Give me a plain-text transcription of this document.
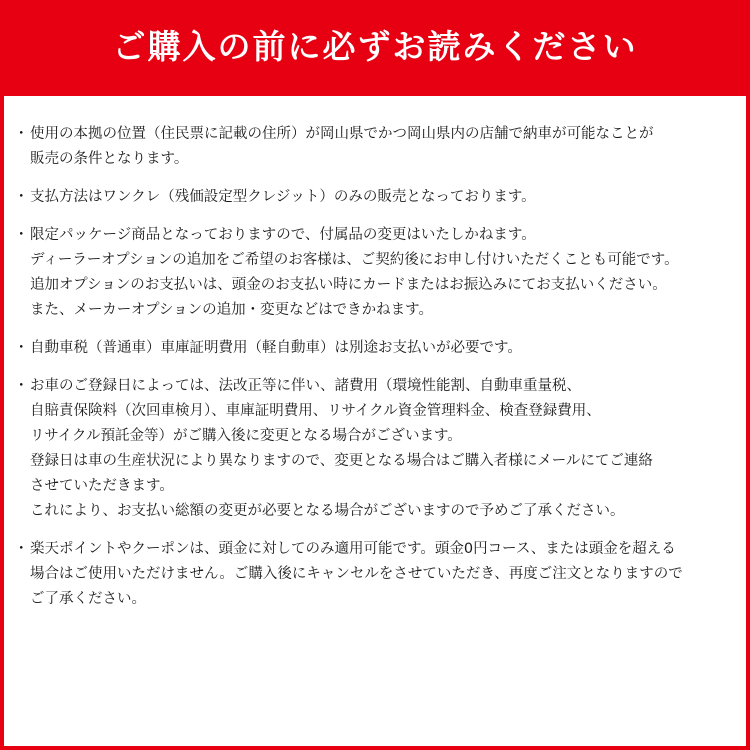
ご購入の前に必ずお読みください
・ 使用の本拠の位置（住民票に記載の住所）が岡山県でかつ岡山県内の店舗で納車が可能なことが
販売の条件となります。
・ 支払方法はワンクレ（残価設定型クレジット）のみの販売となっております。
・ 限定パッケージ商品となっておりますので、付属品の変更はいたしかねます。
ディーラーオプションの追加をご希望のお客様は、ご契約後にお申し付けいただくことも可能です。
追加オプションのお支払いは、頭金のお支払い時にカードまたはお振込みにてお支払いください。
また、メーカーオプションの追加・変更などはできかねます。
・ 自動車税（普通車）車庫証明費用（軽自動車）は別途お支払いが必要です。
・ お車のご登録日によっては、法改正等に伴い、諸費用（環境性能割、自動車重量税、
自賠責保険料（次回車検月）、車庫証明費用、リサイクル資金管理料金、検査登録費用、
リサイクル預託金等）がご購入後に変更となる場合がございます。
登録日は車の生産状況により異なりますので、変更となる場合はご購入者様にメールにてご連絡
させていただきます。
これにより、お支払い総額の変更が必要となる場合がございますので予めご了承ください。
・ 楽天ポイントやクーポンは、頭金に対してのみ適用可能です。頭金0円コース、または頭金を超える
場合はご使用いただけません。ご購入後にキャンセルをさせていただき、再度ご注文となりますので
ご了承ください。
